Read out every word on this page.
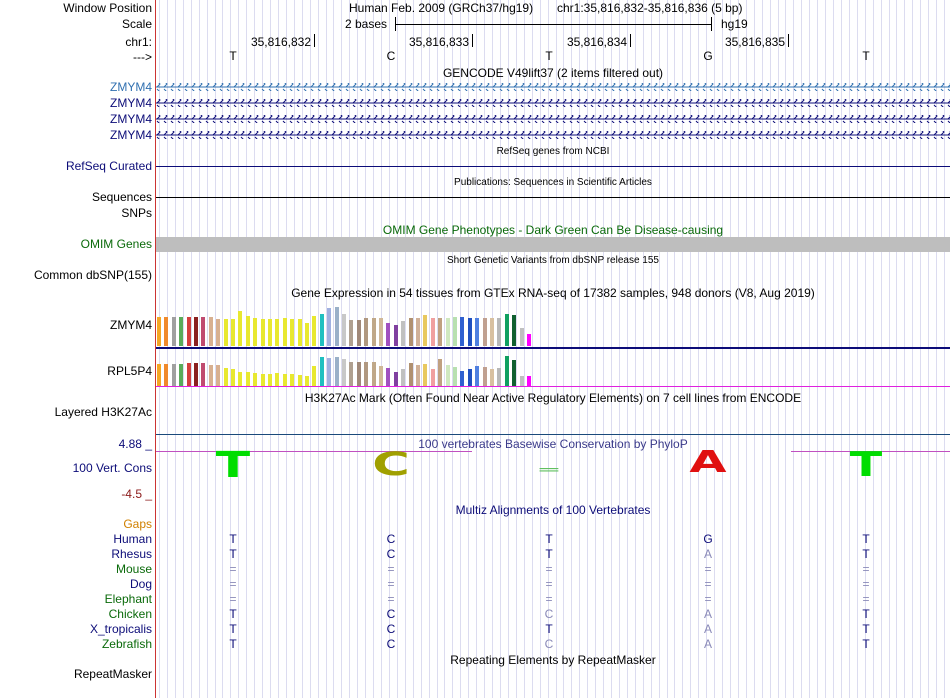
Window Position
Scale
chr1:
--->
ZMYM4
ZMYM4
ZMYM4
ZMYM4
RefSeq Curated
Sequences
SNPs
OMIM Genes
Common dbSNP(155)
ZMYM4
RPL5P4
Layered H3K27Ac
4.88 _
100 Vert. Cons
-4.5 _
Gaps
Human
Rhesus
Mouse
Dog
Elephant
Chicken
X_tropicalis
Zebrafish
RepeatMasker
Human Feb. 2009 (GRCh37/hg19) chr1:35,816,832-35,816,836 (5 bp)
2 bases	hg19
35,816,832	35,816,833	35,816,834	35,816,835
T	C	T	G	T
GENCODE V49lift37 (2 items filtered out)
RefSeq genes from NCBI
Publications: Sequences in Scientific Articles
OMIM Gene Phenotypes - Dark Green Can Be Disease-causing
Short Genetic Variants from dbSNP release 155
Gene Expression in 54 tissues from GTEx RNA-seq of 17382 samples, 948 donors (V8, Aug 2019)
H3K27Ac Mark (Often Found Near Active Regulatory Elements) on 7 cell lines from ENCODE
100 vertebrates Basewise Conservation by PhyloP
T	C	=	A	T
Multiz Alignments of 100 Vertebrates
T	C	T	G	T
T	C	T	A	T
=	=	=	=	=
=	=	=	=	=
=	=	=	=	=
T	C	C	A	T
T	C	T	A	T
T	C	C	A	T
Repeating Elements by RepeatMasker
